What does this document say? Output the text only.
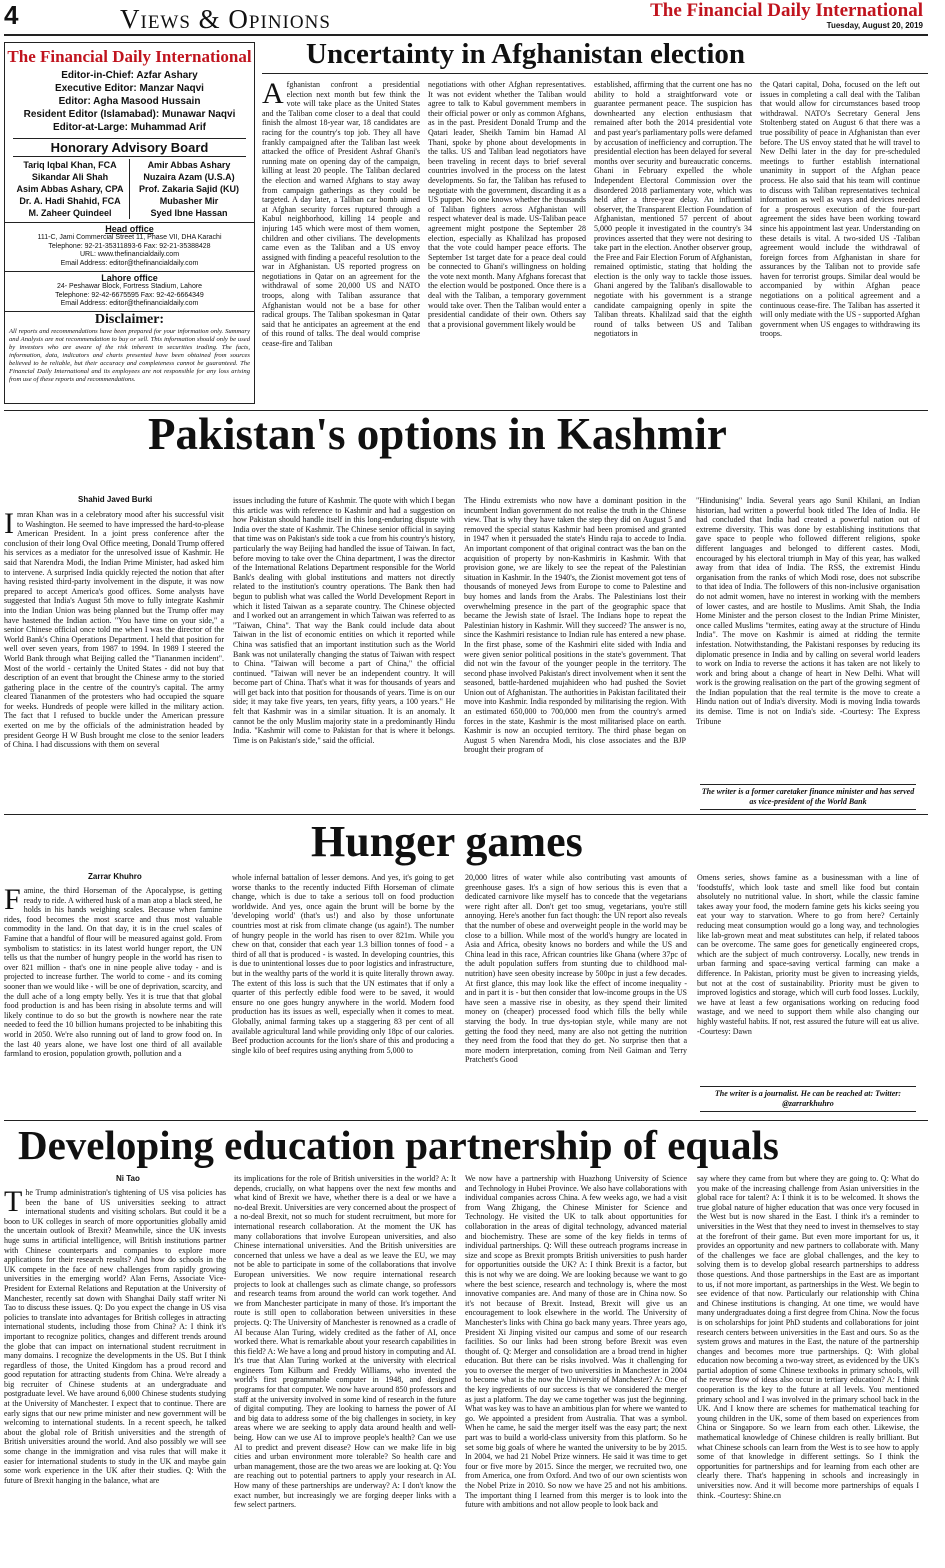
4	Views & Opinions	The Financial Daily International
Tuesday, August 20, 2019
The Financial Daily International

Editor-in-Chief: Azfar Ashary

Executive Editor: Manzar Naqvi

Editor: Agha Masood Hussain

Resident Editor (Islamabad): Munawar Naqvi

Editor-at-Large: Muhammad Arif

Honorary Advisory Board

Tariq Iqbal Khan, FCA

Sikandar Ali Shah

Asim Abbas Ashary, CPA

Dr. A. Hadi Shahid, FCA

M. Zaheer Quindeel

Amir Abbas Ashary

Nuzaira Azam (U.S.A)

Prof. Zakaria Sajid (KU)

Mubasher Mir

Syed Ibne Hassan

Head office

111-C, Jami Commercial Street 11, Phase VII, DHA Karachi

Telephone: 92-21-35311893-6 Fax: 92-21-35388428

URL: www.thefinancialdaily.com

Email Address: editor@thefinancialdaily.com

Lahore office

24- Peshawar Block, Fortress Stadium, Lahore

Telephone: 92-42-6675595 Fax: 92-42-6664349

Email Address: editor@thefinancialdaily.com

Disclaimer:
All reports and recommendations have been prepared for your information only. Summary and Analysis are not recommendation to buy or sell. This information should only be used by investors who are aware of the risk inherent in securities trading. The facts, information, data, indicators and charts presented have been obtained from sources believed to be reliable, but their accuracy and completeness cannot be guaranteed. The Financial Daily International and its employees are not responsible for any loss arising from use of these reports and recommendations.
Uncertainty in Afghanistan election
Afghanistan confront a presidential election next month but few think the vote will take place as the United States and the Taliban come closer to a deal that could finish the almost 18-year war, 18 candidates are racing for the country's top job. They all have frankly campaigned after the Taliban last week attacked the office of President Ashraf Ghani's running mate on opening day of the campaign, killing at least 20 people. The Taliban declared the election and warned Afghans to stay away from campaign gatherings as they could be targeted. A day later, a Taliban car bomb aimed at Afghan security forces ruptured through a Kabul neighborhood, killing 14 people and injuring 145 which were most of them women, children and other civilians. The developments came even as the Taliban and a US envoy assigned with finding a peaceful resolution to the war in Afghanistan. US reported progress on negotiations in Qatar on an agreement for the withdrawal of some 20,000 US and NATO troops, along with Taliban assurance that Afghanistan would not be a base for other radical groups. The Taliban spokesman in Qatar said that he anticipates an agreement at the end of this round of talks. The deal would comprise cease-fire and Taliban
negotiations with other Afghan representatives. It was not evident whether the Taliban would agree to talk to Kabul government members in their official power or only as common Afghans, as in the past. President Donald Trump and the Qatari leader, Sheikh Tamim bin Hamad Al Thani, spoke by phone about developments in the talks. US and Taliban lead negotiators have been traveling in recent days to brief several countries involved in the process on the latest developments. So far, the Taliban has refused to negotiate with the government, discarding it as a US puppet. No one knows whether the thousands of Taliban fighters across Afghanistan will respect whatever deal is made. US-Taliban peace agreement might postpone the September 28 election, especially as Khalilzad has proposed that the vote could hamper peace efforts. The September 1st target date for a peace deal could be connected to Ghani's willingness on holding the vote next month. Many Afghans forecast that the election would be postponed. Once there is a deal with the Taliban, a temporary government would take over. Then the Taliban would enter a presidential candidate of their own. Others say that a provisional government likely would be
established, affirming that the current one has no ability to hold a straightforward vote or guarantee permanent peace. The suspicion has downhearted any election enthusiasm that remained after both the 2014 presidential vote and past year's parliamentary polls were defamed by accusation of inefficiency and corruption. The presidential election has been delayed for several months over security and bureaucratic concerns. Ghani in February expelled the whole Independent Electoral Commission over the disordered 2018 parliamentary vote, which was held after a three-year delay. An influential observer, the Transparent Election Foundation of Afghanistan, mentioned 57 percent of about 5,000 people it investigated in the country's 34 provinces asserted that they were not desiring to take part in the election. Another observer group, the Free and Fair Election Forum of Afghanistan, remained optimistic, stating that holding the election is the only way to tackle those issues. Ghani angered by the Taliban's disallowable to negotiate with his government is a strange candidate campaigning openly in spite the Taliban threats. Khalilzad said that the eighth round of talks between US and Taliban negotiators in
the Qatari capital, Doha, focused on the left out issues in completing a call deal with the Taliban that would allow for circumstances based troop withdrawal. NATO's Secretary General Jens Stoltenberg stated on August 6 that there was a true possibility of peace in Afghanistan than ever before. The US envoy stated that he will travel to New Delhi later in the day for pre-scheduled meetings to further establish international unanimity in support of the Afghan peace process. He also said that his team will continue to discuss with Taliban representatives technical information as well as ways and devices needed for a prosperous execution of the four-part agreement the sides have been working toward since his appointment last year. Understanding on these details is vital. A two-sided US -Taliban agreement would include the withdrawal of foreign forces from Afghanistan in share for assurances by the Taliban not to provide safe haven for terrorist groups. Similar deal would be accompanied by within Afghan peace negotiations on a political agreement and a continuous cease-fire. The Taliban has asserted it will only mediate with the US - supported Afghan government when US engages to withdrawing its troops.
Pakistan's options in Kashmir
Shahid Javed Burki
Imran Khan was in a celebratory mood after his successful visit to Washington. He seemed to have impressed the hard-to-please American President. In a joint press conference after the conclusion of their long Oval Office meeting, Donald Trump offered his services as a mediator for the unresolved issue of Kashmir. He said that Narendra Modi, the Indian Prime Minister, had asked him to intervene. A surprised India quickly rejected the notion that after having resisted third-party involvement in the dispute, it was now prepared to accept America's good offices. Some analysts have suggested that India's August 5th move to fully integrate Kashmir into the Indian Union was being planned but the Trump offer may have hastened the Indian action. "You have time on your side," a senior Chinese official once told me when I was the director of the World Bank's China Operations Department. I held that position for well over seven years, from 1987 to 1994. In 1989 I steered the World Bank through what Beijing called the "Tiananmen incident". Most of the world - certainly the United States - did not buy that description of an event that brought the Chinese army to the storied gathering place in the centre of the country's capital. The army cleared Tiananmen of the protesters who had occupied the square for weeks. Hundreds of people were killed in the military action. The fact that I refused to buckle under the American pressure exerted on me by the officials of the administration headed by president George H W Bush brought me close to the senior leaders of China. I had discussions with them on several
issues including the future of Kashmir. The quote with which I began this article was with reference to Kashmir and had a suggestion on how Pakistan should handle itself in this long-enduring dispute with India over the state of Kashmir. The Chinese senior official in saying that time was on Pakistan's side took a cue from his country's history, particularly the way Beijing had handled the issue of Taiwan. In fact, before moving to take over the China department, I was the director of the International Relations Department responsible for the World Bank's dealing with global institutions and matters not directly related to the institution's country operations. The Bank then had begun to publish what was called the World Development Report in which it listed Taiwan as a separate country. The Chinese objected and I worked out an arrangement in which Taiwan was referred to as "Taiwan, China". That way the Bank could include data about Taiwan in the list of economic entities on which it reported while China was satisfied that an important institution such as the World Bank was not unilaterally changing the status of Taiwan with respect to China. "Taiwan will become a part of China," the official continued. "Taiwan will never be an independent country. It will become part of China. That's what it was for thousands of years and will get back into that position for thousands of years. Time is on our side; it may take five years, ten years, fifty years, a 100 years." He felt that Kashmir was in a similar situation. It is an anomaly. It cannot be the only Muslim majority state in a predominantly Hindu India. "Kashmir will come to Pakistan for that is where it belongs. Time is on Pakistan's side," said the official.
The Hindu extremists who now have a dominant position in the incumbent Indian government do not realise the truth in the Chinese view. That is why they have taken the step they did on August 5 and removed the special status Kashmir had been promised and granted in 1947 when it persuaded the state's Hindu raja to accede to India. An important component of that original contract was the ban on the acquisition of property by non-Kashmiris in Kashmir. With that provision gone, we are likely to see the repeat of the Palestinian situation in Kashmir. In the 1940's, the Zionist movement got tens of thousands of moneyed Jews from Europe to come to Palestine and buy homes and lands from the Arabs. The Palestinians lost their overwhelming presence in the part of the geographic space that became the Jewish state of Israel. The Indians hope to repeat the Palestinian history in Kashmir. Will they succeed? The answer is no, since the Kashmiri resistance to Indian rule has entered a new phase. In the first phase, some of the Kashmiri elite sided with India and were given senior political positions in the state's government. That did not win the favour of the younger people in the territory. The second phase involved Pakistan's direct involvement when it sent the seasoned, battle-hardened mujahideen who had pushed the Soviet Union out of Afghanistan. The authorities in Pakistan facilitated their move into Kashmir. India responded by militarising the region. With an estimated 650,000 to 700,000 men from the country's armed forces in the state, Kashmir is the most militarised place on earth. Kashmir is now an occupied territory. The third phase began on August 5 when Narendra Modi, his close associates and the BJP brought their program of
"Hindunising" India. Several years ago Sunil Khilani, an Indian historian, had written a powerful book titled The Idea of India. He had concluded that India had created a powerful nation out of extreme diversity. This was done by establishing institutions that gave space to people who followed different religions, spoke different languages and belonged to different castes. Modi, encouraged by his electoral triumph in May of this year, has walked away from that idea of India. The RSS, the extremist Hindu organisation from the ranks of which Modi rose, does not subscribe to that idea of India. The followers of this non-inclusive organisation do not admit women, have no interest in working with the members of lower castes, and are hostile to Muslims. Amit Shah, the India Home Minister and the person closest to the Indian Prime Minister, once called Muslims "termites, eating away at the structure of Hindu India". The move on Kashmir is aimed at ridding the termite infestation. Notwithstanding, the Pakistani responses by reducing its diplomatic presence in India and by calling on several world leaders to work on India to reverse the actions it has taken are not likely to work and bring about a change of heart in New Delhi. What will work is the growing realisation on the part of the growing segment of the Indian population that the real termite is the move to create a Hindu nation out of India's diversity. Modi is moving India towards its demise. Time is not on India's side. -Courtesy: The Express Tribune
The writer is a former caretaker finance minister and has served as vice-president of the World Bank
Hunger games
Zarrar Khuhro
Famine, the third Horseman of the Apocalypse, is getting ready to ride. A withered husk of a man atop a black steed, he holds in his hands weighing scales. Because when famine rides, food becomes the most scarce and thus most valuable commodity in the land. On that day, it is in the cruel scales of Famine that a handful of flour will be measured against gold. From symbolism to statistics: in its latest world hunger report, the UN tells us that the number of hungry people in the world has risen to over 821 million - that's one in nine people alive today - and is projected to increase further. The world to come - and its coming sooner than we would like - will be one of deprivation, scarcity, and the dull ache of a long empty belly. Yes it is true that that global food production is and has been rising in absolute terms and will likely continue to do so but the growth is nowhere near the rate needed to feed the 10 billion humans projected to be inhabiting this world in 2050. We're also running out of land to grow food on. In the last 40 years alone, we have lost one third of all available farmland to erosion, population growth, pollution and a
whole infernal battalion of lesser demons. And yes, it's going to get worse thanks to the recently inducted Fifth Horseman of climate change, which is due to take a serious toll on food production worldwide. And yes, once again the brunt will be borne by the 'developing world' (that's us!) and also by those unfortunate countries most at risk from climate change (us again!). The number of hungry people in the world has risen to over 821m. While you chew on that, consider that each year 1.3 billion tonnes of food - a third of all that is produced - is wasted. In developing countries, this is due to unintentional losses due to poor logistics and infrastructure, but in the wealthy parts of the world it is quite literally thrown away. The extent of this loss is such that the UN estimates that if only a quarter of this perfectly edible food were to be saved, it would ensure no one goes hungry anywhere in the world. Modern food production has its issues as well, especially when it comes to meat. Globally, animal farming takes up a staggering 83 per cent of all available agricultural land while providing only 18pc of our calories. Beef production accounts for the lion's share of this and producing a single kilo of beef requires using anything from 5,000 to
20,000 litres of water while also contributing vast amounts of greenhouse gases. It's a sign of how serious this is even that a dedicated carnivore like myself has to concede that the vegetarians were right after all. Don't get too smug, vegetarians, you're still annoying. Here's another fun fact though: the UN report also reveals that the number of obese and overweight people in the world may be close to a billion. While most of the world's hungry are located in Asia and Africa, obesity knows no borders and while the US and China lead in this race, African countries like Ghana (where 37pc of the adult population suffers from stunting due to childhood mal-nutrition) have seen obesity increase by 500pc in just a few decades. At first glance, this may look like the effect of income inequality - and in part it is - but then consider that low-income groups in the US have seen a massive rise in obesity, as they spend their limited money on (cheaper) processed food which fills the belly while starving the body. In true dys-topian style, while many are not getting the food they need, many are also not getting the nutrition they need from the food that they do get. No surprise then that a more modern interpretation, coming from Neil Gaiman and Terry Pratchett's Good
Omens series, shows famine as a businessman with a line of 'foodstuffs', which look taste and smell like food but contain absolutely no nutritional value. In short, while the classic famine takes away your food, the modern famine gets his kicks seeing you eat your way to starvation. Where to go from here? Certainly reducing meat consumption would go a long way, and technologies like lab-grown meat and meat substitutes can help, if related taboos can be overcome. The same goes for genetically engineered crops, which are the subject of much controversy. Locally, new trends in urban farming and space-saving vertical farming can make a difference. In Pakistan, priority must be given to increasing yields, but not at the cost of sustainability. Priority must be given to improved logistics and storage, which will curb food losses. Luckily, we have at least a few organisations working on reducing food wastage, and we need to support them while also changing our highly wasteful habits. If not, rest assured the future will eat us alive. -Courtesy: Dawn
The writer is a journalist. He can be reached at: Twitter: @zarrarkhuhro
Developing education partnership of equals
Ni Tao
The Trump administration's tightening of US visa policies has been the bane of US universities seeking to attract international students and visiting scholars. But could it be a boon to UK colleges in search of more opportunities globally amid the uncertain outlook of Brexit? Meanwhile, since the UK invests huge sums in artificial intelligence, will British institutions partner with Chinese counterparts and companies to explore more applications for their research results? And how do schools in the UK compete in the face of new challenges from rapidly growing universities in the emerging world? Alan Ferns, Associate Vice-President for External Relations and Reputation at the University of Manchester, recently sat down with Shanghai Daily staff writer Ni Tao to discuss these issues. Q: Do you expect the change in US visa policies to translate into advantages for British colleges in attracting international students, including those from China? A: I think it's important to recognize politics, changes and different trends around the globe that can impact on international student recruitment in many domains. I recognize the developments in the US. But I think regardless of those, the United Kingdom has a proud record and good reputation for attracting students from China. We're already a big recruiter of Chinese students at an undergraduate and postgraduate level. We have around 6,000 Chinese students studying at the University of Manchester. I expect that to continue. There are early signs that our new prime minister and new government will be welcoming to international students. In a recent speech, he talked about the global role of British universities and the strength of British universities around the world. And also possibly we will see some change in the immigration and visa rules that will make it easier for international students to study in the UK and maybe gain some work experience in the UK after their studies. Q: With the future of Brexit hanging in the balance, what are
its implications for the role of British universities in the world? A: It depends, crucially, on what happens over the next few months and what kind of Brexit we have, whether there is a deal or we have a no-deal Brexit. Universities are very concerned about the prospect of a no-deal Brexit, not so much for student recruitment, but more for international research collaboration. At the moment the UK has many collaborations that involve European universities, and also Chinese international universities. And the British universities are concerned that unless we have a deal as we leave the EU, we may not be able to participate in some of the collaborations that involve European universities. We now require international research projects to look at challenges such as climate change, so professors and research teams from around the world can work together. And we from Manchester participate in many of those. It's important the route is still open to collaboration between universities in these projects. Q: The University of Manchester is renowned as a cradle of AI because Alan Turing, widely credited as the father of AI, once worked there. What is remarkable about your research capabilities in this field? A: We have a long and proud history in computing and AI. It's true that Alan Turing worked at the university with electrical engineers Tom Kilburn and Freddy Williams, who invented the world's first programmable computer in 1948, and designed programs for that computer. We now have around 850 professors and staff at the university involved in some kind of research in the future of digital computing. They are looking to harness the power of AI and big data to address some of the big challenges in society, in key areas where we are seeking to apply data around health and well-being. How can we use AI to improve people's health? Can we use AI to predict and prevent disease? How can we make life in big cities and urban environment more tolerable? So health care and urban management, those are the two areas we are looking at. Q: You are reaching out to potential partners to apply your research in AI. How many of these partnerships are underway? A: I don't know the exact number, but increasingly we are forging deeper links with a few select partners.
We now have a partnership with Huazhong University of Science and Technology in Hubei Province. We also have collaborations with individual companies across China. A few weeks ago, we had a visit from Wang Zhigang, the Chinese Minister for Science and Technology. He visited the UK to talk about opportunities for collaboration in the areas of digital technology, advanced material and biochemistry. These are some of the key fields in terms of individual partnerships. Q: Will these outreach programs increase in size and scope as Brexit prompts British universities to push harder for opportunities outside the UK? A: I think Brexit is a factor, but this is not why we are doing. We are looking because we want to go where the best science, research and technology is, where the most innovative companies are. And many of those are in China now. So it's not because of Brexit. Instead, Brexit will give us an encouragement to look elsewhere in the world. The University of Manchester's links with China go back many years. Three years ago, President Xi Jinping visited our campus and some of our research facilities. So our links had been strong before Brexit was even thought of. Q: Merger and consolidation are a broad trend in higher education. But there can be risks involved. Was it challenging for you to oversee the merger of two universities in Manchester in 2004 to become what is the now the University of Manchester? A: One of the key ingredients of our success is that we considered the merger as just a platform. The day we came together was just the beginning. What was key was to have an ambitious plan for where we wanted to go. We appointed a president from Australia. That was a symbol. When he came, he said the merger itself was the easy part; the next part was to build a world-class university from this platform. So he set some big goals of where he wanted the university to be by 2015. In 2004, we had 21 Nobel Prize winners. He said it was time to get four or five more by 2015. Since the merger, we recruited two, one from America, one from Oxford. And two of our own scientists won the Nobel Prize in 2010. So now we have 25 and not his ambitions. The important thing I learned from this merger is to look into the future with ambitions and not allow people to look back and
say where they came from but where they are going to. Q: What do you make of the increasing challenge from Asian universities in the global race for talent? A: I think it is to be welcomed. It shows the true global nature of higher education that was once very focused in the West but is now shared in the East. I think it's a reminder to universities in the West that they need to invest in themselves to stay at the forefront of their game. But even more important for us, it provides an opportunity and new partners to collaborate with. Many of the challenges we face are global challenges, and the key to solving them is to develop global research partnerships to address those questions. And those partnerships in the East are as important to us, if not more important, as partnerships in the West. We begin to see evidence of that now. Particularly our relationship with China and Chinese institutions is changing. At one time, we would have many undergraduates doing a first degree from China. Now the focus is on scholarships for joint PhD students and collaborations for joint research centers between universities in the East and ours. So as the system grows and matures in the East, the nature of the partnership changes and becomes more true partnerships. Q: With global education now becoming a two-way street, as evidenced by the UK's partial adoption of some Chinese textbooks in primary schools, will the reverse flow of ideas also occur in tertiary education? A: I think cooperation is the key to the future at all levels. You mentioned primary school and I was involved in the primary school back in the UK. And I know there are schemes for mathematical teaching for young children in the UK, some of them based on experiences from China or Singapore. So we learn from each other. Likewise, the mathematical knowledge of Chinese children is really brilliant. But what Chinese schools can learn from the West is to see how to apply some of that knowledge in different settings. So I think the opportunities for partnerships and for learning from each other are clearly there. That's happening in schools and increasingly in universities now. And it will become more partnerships of equals I think. -Courtesy: Shine.cn
